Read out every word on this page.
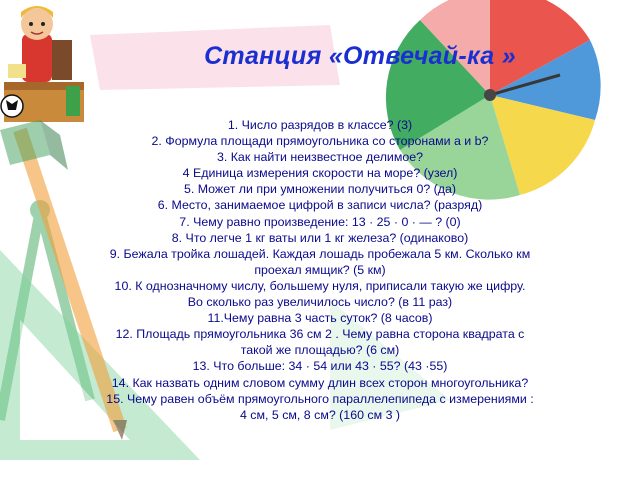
Станция «Отвечай-ка »
1. Число разрядов в классе? (3)
2. Формула площади прямоугольника со сторонами а и b?
3. Как найти неизвестное делимое?
4 Единица измерения скорости на море? (узел)
5. Может ли при умножении получиться 0? (да)
6. Место, занимаемое цифрой в записи числа? (разряд)
7. Чему равно произведение: 13 · 25 · 0 · — ? (0)
8. Что легче 1 кг ваты или 1 кг железа? (одинаково)
9. Бежала тройка лошадей. Каждая лошадь пробежала 5 км. Сколько км
проехал ямщик? (5 км)
10. К однозначному числу, большему нуля, приписали такую же цифру.
Во сколько раз увеличилось число? (в 11 раз)
11.Чему равна 3 часть суток? (8 часов)
12. Площадь прямоугольника 36 см 2 . Чему равна сторона квадрата с
такой же площадью? (6 см)
13. Что больше: 34 · 54 или 43 · 55? (43 ·55)
14. Как назвать одним словом сумму длин всех сторон многоугольника?
15. Чему равен объём прямоугольного параллелепипеда с измерениями :
4 см, 5 см, 8 см? (160 см 3 )
